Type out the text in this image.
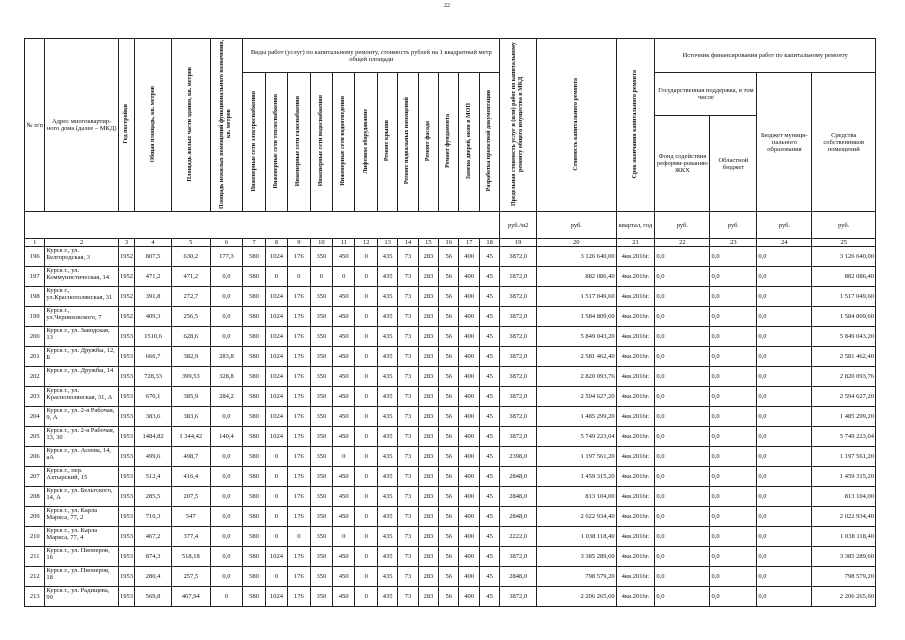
22
№ п/п	Адрес многоквартир-ного дома (далее – МКД)	Год постройки	Общая площадь, кв. метров	Площадь жилых части здания, кв. метров	Площадь нежилых помещений функционального назначения, кв. метров	Виды работ (услуг) по капитальному ремонту, стоимость рублей на 1 квадратный метр общей площади												Предельная стоимость услуг и (или) работ по капитальному ремонту общего имущества в МКД	Стоимость капитального ремонта	Срок окончания капитального ремонта	Источник финансирования работ по капитальному ремонту			
						Инженерные сети электроснабжения	Инженерные сети теплоснабжения	Инженерные сети газоснабжения	Инженерные сети водоснабжения	Инженерные сети водоотведения	Лифтовое оборудование	Ремонт крыши	Ремонт подвальных помещений	Ремонт фасада	Ремонт фундамента	Замена дверей, окон в МОП	Разработка проектной документации				Государственная поддержка, в том числе		Бюджет муници-пального образования	Средства собственников помещений
																					Фонд содействия реформи-рованию ЖКХ	Областной бюджет		
																		руб./м2	руб.	квартал, год	руб.	руб.	руб.	руб.
1	2	3	4	5	6	7	8	9	10	11	12	13	14	15	16	17	18	19	20	21	22	23	24	25
196	Курск г., ул. Белгородская, 3	1952	807,5	630,2	177,3	580	1024	176	350	450	0	435	73	283	56	400	45	3872,0	3 126 640,00	4кв.2016г.	0,0	0,0	0,0	3 126 640,00
197	Курск г., ул. Коммунистическая, 14	1952	471,2	471,2	0,0	580	0	0	0	0	0	435	73	283	56	400	45	1872,0	882 086,40	4кв.2016г.	0,0	0,0	0,0	882 086,40
198	Курск г., ул.Краснополянская, 31	1952	391,8	272,7	0,0	580	1024	176	350	450	0	435	73	283	56	400	45	3872,0	1 517 049,60	4кв.2016г.	0,0	0,0	0,0	1 517 049,60
199	Курск г., ул.Черняховского, 7	1952	409,3	256,5	0,0	580	1024	176	350	450	0	435	73	283	56	400	45	3872,0	1 584 809,60	4кв.2016г.	0,0	0,0	0,0	1 584 809,60
200	Курск г., ул. Заводская, 13	1953	1510,6	628,6	0,0	580	1024	176	350	450	0	435	73	283	56	400	45	3872,0	5 849 043,20	4кв.2016г.	0,0	0,0	0,0	5 849 043,20
201	Курск г., ул. Дружбы, 12, Б	1953	666,7	382,9	283,8	580	1024	176	350	450	0	435	73	283	56	400	45	3872,0	2 581 462,40	4кв.2016г.	0,0	0,0	0,0	2 581 462,40
202	Курск г., ул. Дружбы, 14	1953	728,33	399,53	328,8	580	1024	176	350	450	0	435	73	283	56	400	45	3872,0	2 820 093,76	4кв.2016г.	0,0	0,0	0,0	2 820 093,76
203	Курск г., ул. Краснополянская, 31, А	1953	670,1	385,9	284,2	580	1024	176	350	450	0	435	73	283	56	400	45	3872,0	2 594 627,20	4кв.2016г.	0,0	0,0	0,0	2 594 627,20
204	Курск г., ул. 2-я Рабочая, 9, А	1953	383,6	383,6	0,0	580	1024	176	350	450	0	435	73	283	56	400	45	3872,0	1 485 299,20	4кв.2016г.	0,0	0,0	0,0	1 485 299,20
205	Курск г., ул. 2-я Рабочая, 13, 30	1953	1484,82	1 344,42	140,4	580	1024	176	350	450	0	435	73	283	56	400	45	3872,0	5 749 223,04	4кв.2016г.	0,0	0,0	0,0	5 749 223,04
206	Курск г., ул. Асеева, 14, аА	1953	499,6	498,7	0,0	580	0	176	350	0	0	435	73	283	56	400	45	2398,0	1 197 561,20	4кв.2016г.	0,0	0,0	0,0	1 197 561,20
207	Курск г., пер. Ахтырский, 15	1953	512,4	416,4	0,0	580	0	176	350	450	0	435	73	283	56	400	45	2848,0	1 459 315,20	4кв.2016г.	0,0	0,0	0,0	1 459 315,20
208	Курск г., ул. Бельгского, 14, А	1953	285,5	207,5	0,0	580	0	176	350	450	0	435	73	283	56	400	45	2848,0	813 104,00	4кв.2016г.	0,0	0,0	0,0	813 104,00
209	Курск г., ул. Карла Маркса, 77, 2	1953	710,3	547	0,0	580	0	176	350	450	0	435	73	283	56	400	45	2848,0	2 022 934,40	4кв.2016г.	0,0	0,0	0,0	2 022 934,40
210	Курск г., ул. Карла Маркса, 77, 4	1953	467,2	377,4	0,0	580	0	0	350	0	0	435	73	283	56	400	45	2222,0	1 038 118,40	4кв.2016г.	0,0	0,0	0,0	1 038 118,40
211	Курск г., ул. Пионеров, 16	1953	874,3	518,18	0,0	580	1024	176	350	450	0	435	73	283	56	400	45	3872,0	3 385 289,60	4кв.2016г.	0,0	0,0	0,0	3 385 289,60
212	Курск г., ул. Пионеров, 18	1953	280,4	257,5	0,0	580	0	176	350	450	0	435	73	283	56	400	45	2848,0	798 579,20	4кв.2016г.	0,0	0,0	0,0	798 579,20
213	Курск г., ул. Радищева, 99	1953	569,8	467,94	0	580	1024	176	350	450	0	435	73	283	56	400	45	3872,0	2 206 265,60	4кв.2016г.	0,0	0,0	0,0	2 206 265,60
